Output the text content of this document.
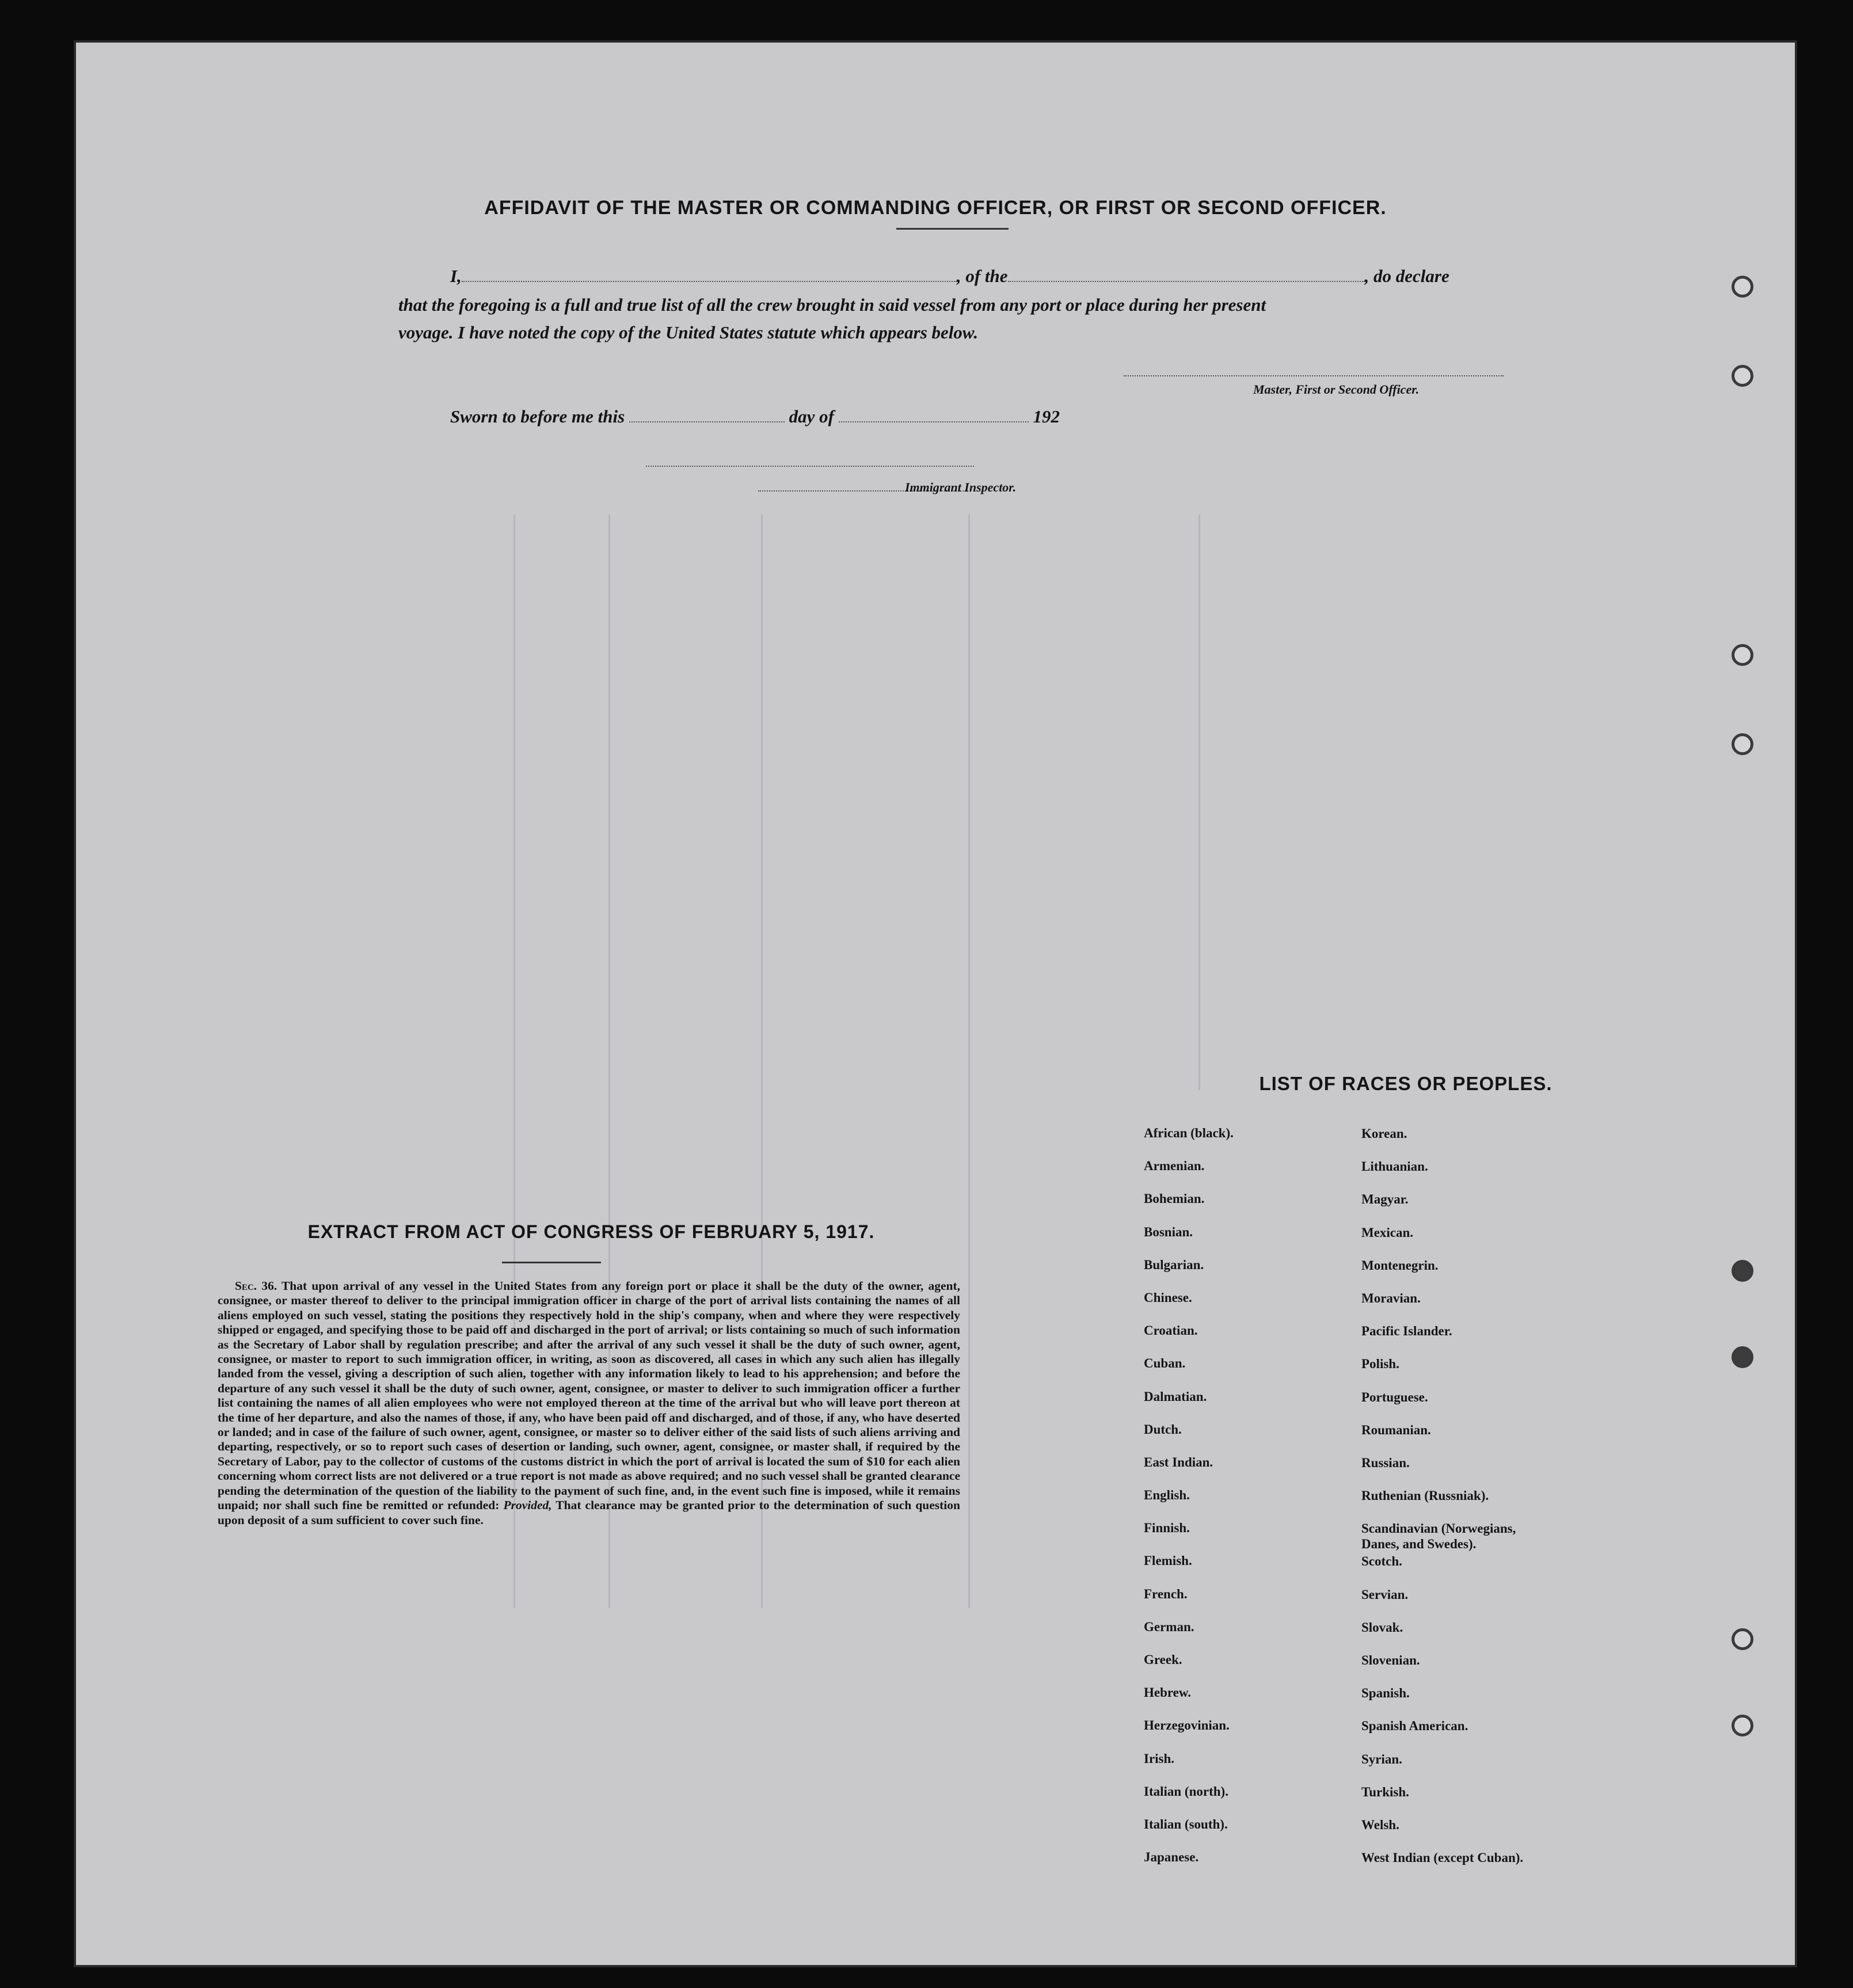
AFFIDAVIT OF THE MASTER OR COMMANDING OFFICER, OR FIRST OR SECOND OFFICER.
I,	, of the	, do declare
that the foregoing is a full and true list of all the crew brought in said vessel from any port or place during her present
voyage. I have noted the copy of the United States statute which appears below.
Master, First or Second Officer.
Sworn to before me this	day of	192
Immigrant Inspector.
EXTRACT FROM ACT OF CONGRESS OF FEBRUARY 5, 1917.
Sec. 36. That upon arrival of any vessel in the United States from any foreign port or place it shall be the duty of the owner, agent, consignee, or master thereof to deliver to the principal immigration officer in charge of the port of arrival lists containing the names of all aliens employed on such vessel, stating the positions they respectively hold in the ship's company, when and where they were respectively shipped or engaged, and specifying those to be paid off and discharged in the port of arrival; or lists containing so much of such information as the Secretary of Labor shall by regulation prescribe; and after the arrival of any such vessel it shall be the duty of such owner, agent, consignee, or master to report to such immigration officer, in writing, as soon as discovered, all cases in which any such alien has illegally landed from the vessel, giving a description of such alien, together with any information likely to lead to his apprehension; and before the departure of any such vessel it shall be the duty of such owner, agent, consignee, or master to deliver to such immigration officer a further list containing the names of all alien employees who were not employed thereon at the time of the arrival but who will leave port thereon at the time of her departure, and also the names of those, if any, who have been paid off and discharged, and of those, if any, who have deserted or landed; and in case of the failure of such owner, agent, consignee, or master so to deliver either of the said lists of such aliens arriving and departing, respectively, or so to report such cases of desertion or landing, such owner, agent, consignee, or master shall, if required by the Secretary of Labor, pay to the collector of customs of the customs district in which the port of arrival is located the sum of $10 for each alien concerning whom correct lists are not delivered or a true report is not made as above required; and no such vessel shall be granted clearance pending the determination of the question of the liability to the payment of such fine, and, in the event such fine is imposed, while it remains unpaid; nor shall such fine be remitted or refunded: Provided, That clearance may be granted prior to the determination of such question upon deposit of a sum sufficient to cover such fine.
LIST OF RACES OR PEOPLES.
African (black).	Korean.
Armenian.	Lithuanian.
Bohemian.	Magyar.
Bosnian.	Mexican.
Bulgarian.	Montenegrin.
Chinese.	Moravian.
Croatian.	Pacific Islander.
Cuban.	Polish.
Dalmatian.	Portuguese.
Dutch.	Roumanian.
East Indian.	Russian.
English.	Ruthenian (Russniak).
Finnish.	Scandinavian (Norwegians, Danes, and Swedes).
Flemish.	Scotch.
French.	Servian.
German.	Slovak.
Greek.	Slovenian.
Hebrew.	Spanish.
Herzegovinian.	Spanish American.
Irish.	Syrian.
Italian (north).	Turkish.
Italian (south).	Welsh.
Japanese.	West Indian (except Cuban).
